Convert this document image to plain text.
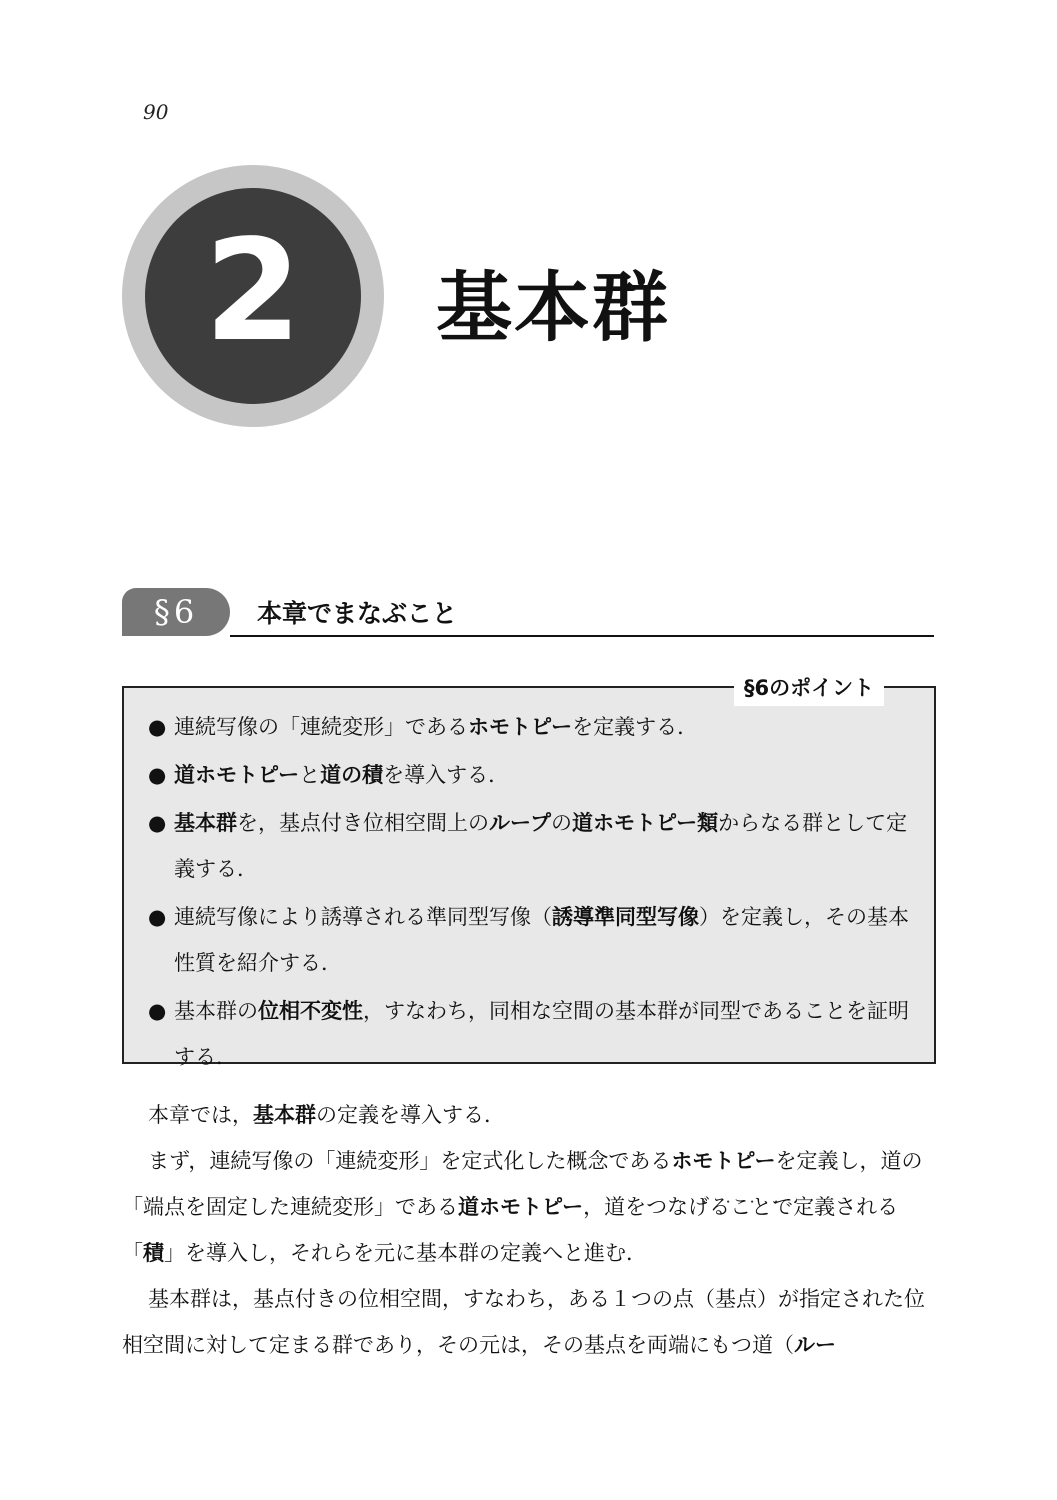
90
2 基本群
§6	本章でまなぶこと
§6のポイント
● 連続写像の「連続変形」であるホモトピーを定義する．
● 道ホモトピーと道の積を導入する．
● 基本群を，基点付き位相空間上のループの道ホモトピー類からなる群として定義する．
● 連続写像により誘導される準同型写像（誘導準同型写像）を定義し，その基本性質を紹介する．
● 基本群の位相不変性，すなわち，同相な空間の基本群が同型であることを証明する．

本章では，基本群の定義を導入する．

まず，連続写像の「連続変形」を定式化した概念であるホモトピーを定義し，道の「端点を固定した連続変形」である道ホモトピー，道を・・・・・ つなげることで定義される「積」を導入し，それらを元に基本群の定義へと進む．

基本群は，基点付きの位相空間，すなわち，ある１つの点（基点）が指定された位相空間に対して定まる群であり，その元は，その基点を両端にもつ道（ルー
